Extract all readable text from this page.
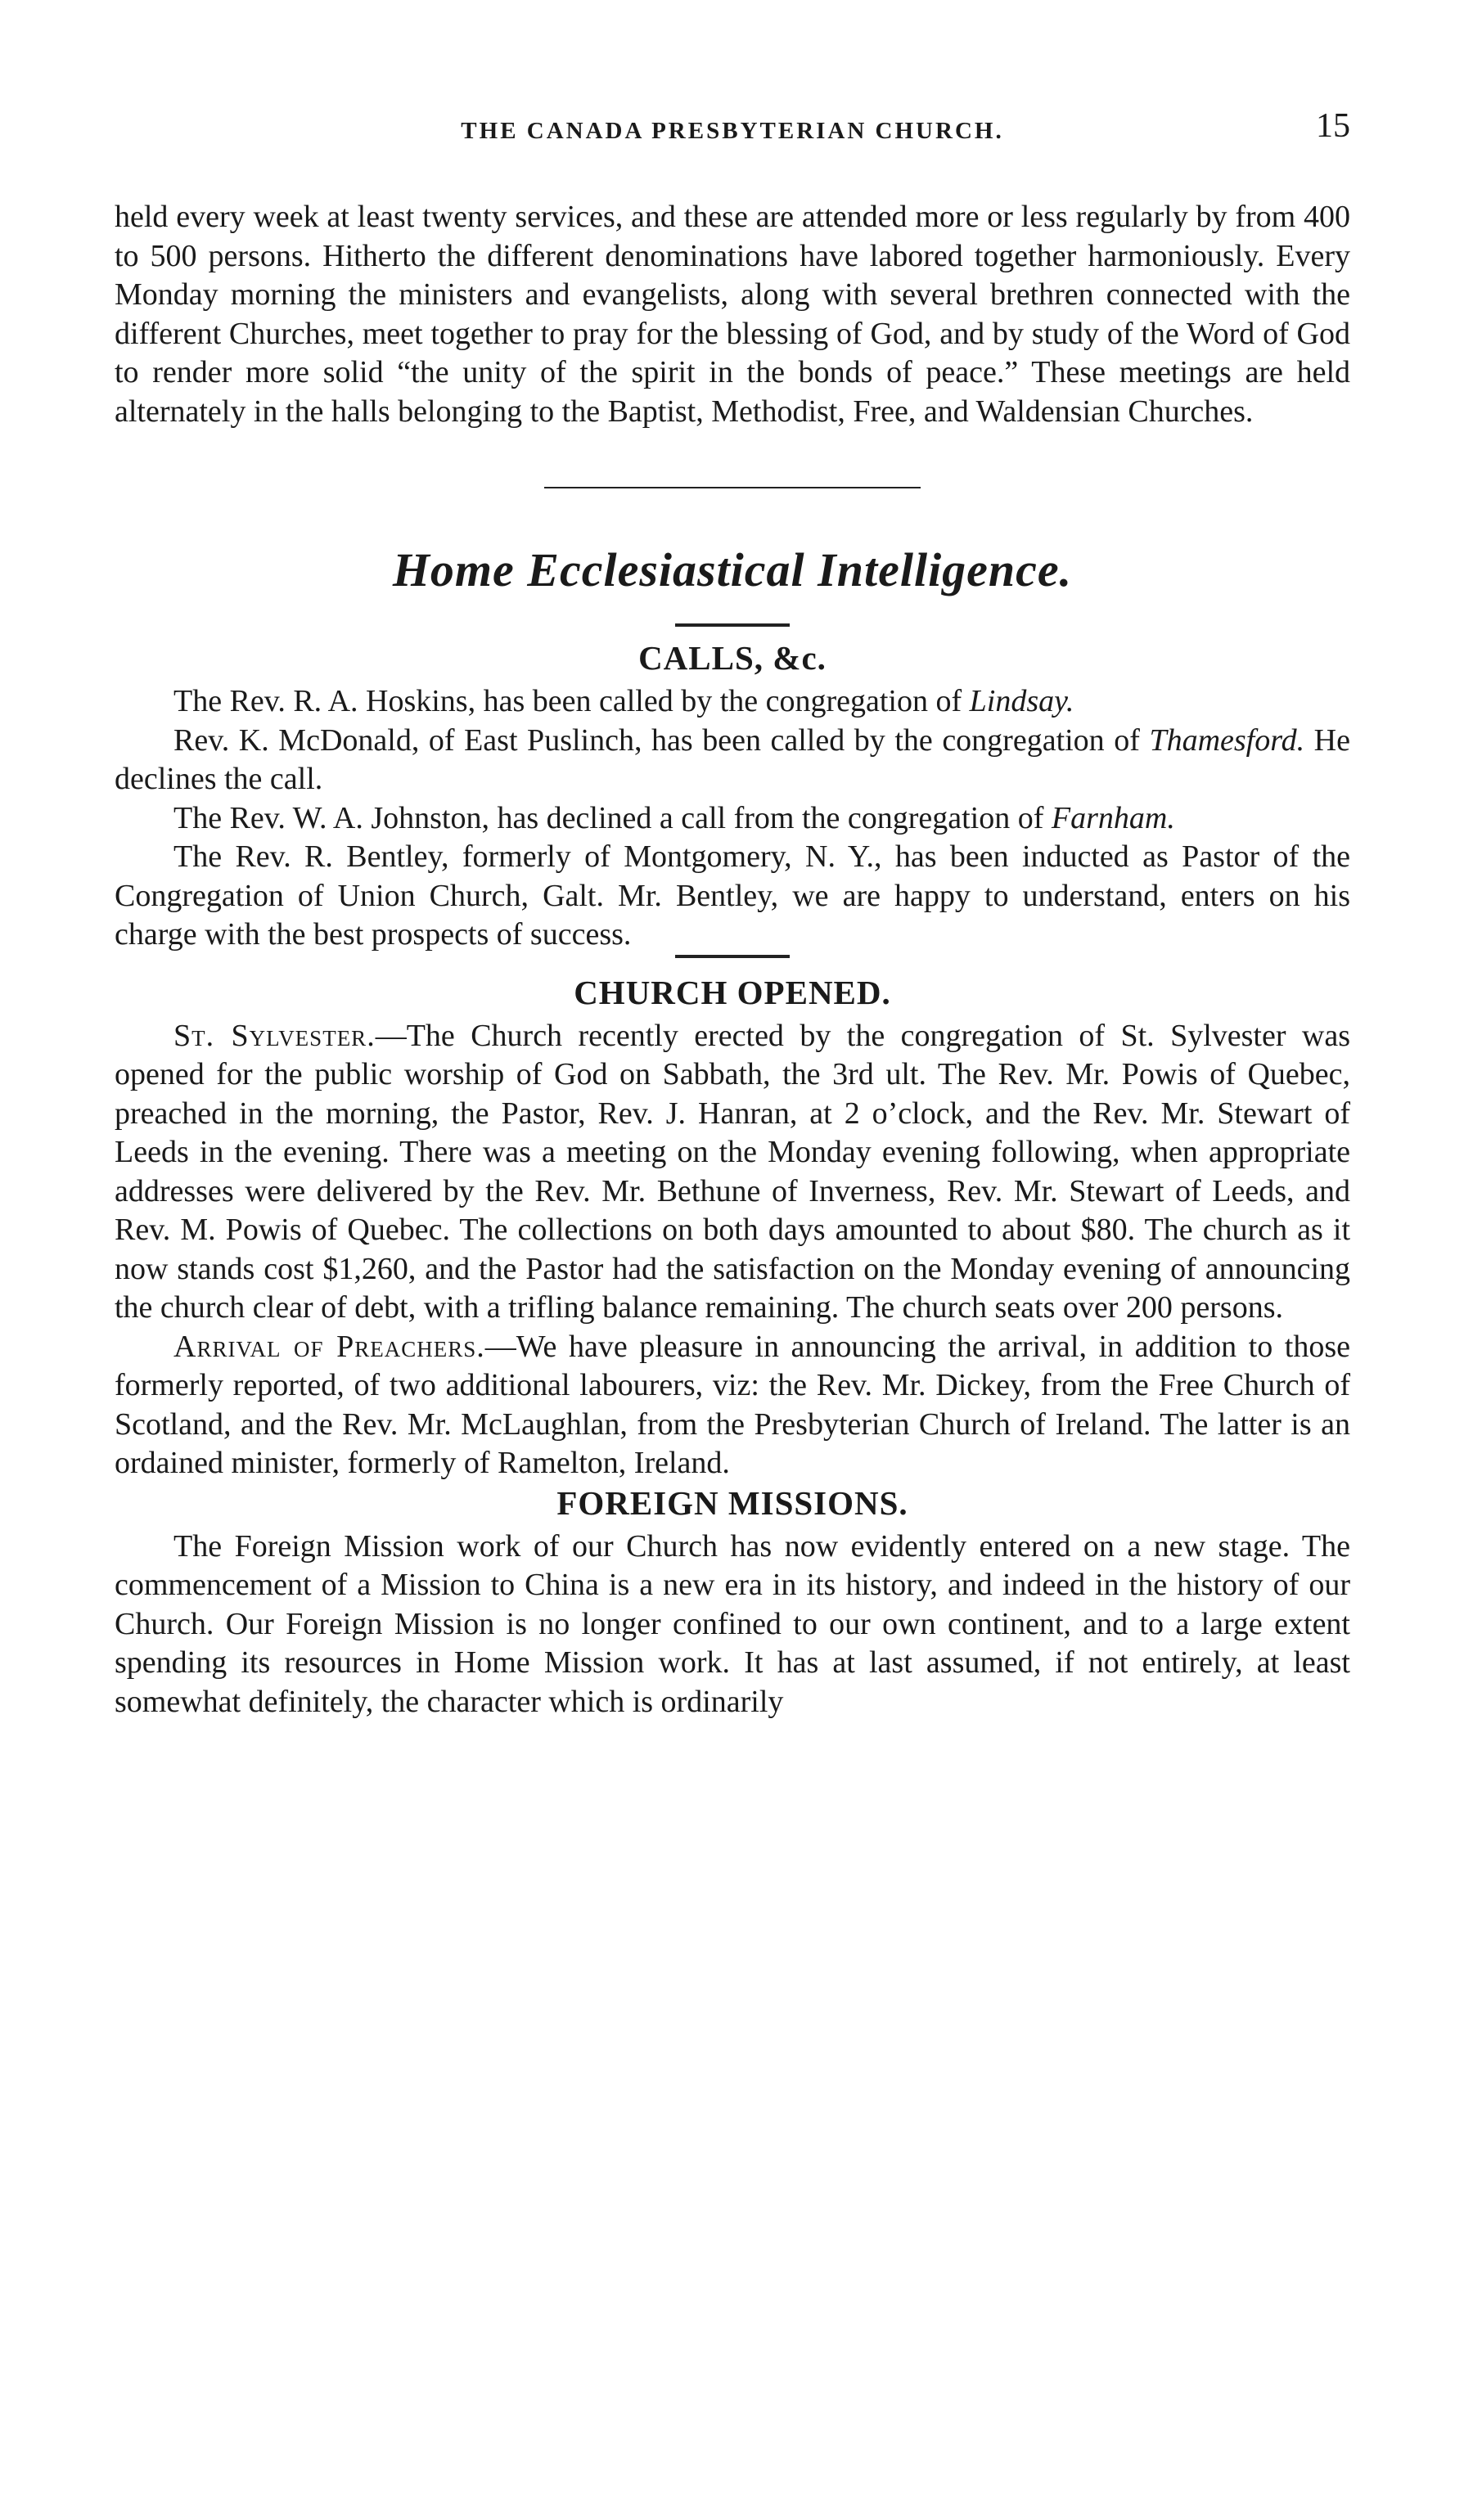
THE CANADA PRESBYTERIAN CHURCH.	15

held every week at least twenty services, and these are attended more or less regularly by from 400 to 500 persons. Hitherto the different denominations have labored together harmoniously. Every Monday morning the ministers and evangelists, along with several brethren connected with the different Churches, meet together to pray for the blessing of God, and by study of the Word of God to render more solid “the unity of the spirit in the bonds of peace.” These meetings are held alternately in the halls belonging to the Baptist, Methodist, Free, and Waldensian Churches.

Home Ecclesiastical Intelligence.
CALLS, &c.

The Rev. R. A. Hoskins, has been called by the congregation of Lindsay.

Rev. K. McDonald, of East Puslinch, has been called by the congregation of Thamesford. He declines the call.

The Rev. W. A. Johnston, has declined a call from the congregation of Farnham.

The Rev. R. Bentley, formerly of Montgomery, N. Y., has been inducted as Pastor of the Congregation of Union Church, Galt. Mr. Bentley, we are happy to understand, enters on his charge with the best prospects of success.

CHURCH OPENED.

St. Sylvester.—The Church recently erected by the congregation of St. Sylvester was opened for the public worship of God on Sabbath, the 3rd ult. The Rev. Mr. Powis of Quebec, preached in the morning, the Pastor, Rev. J. Hanran, at 2 o’clock, and the Rev. Mr. Stewart of Leeds in the evening. There was a meeting on the Monday evening following, when appropriate addresses were delivered by the Rev. Mr. Bethune of Inverness, Rev. Mr. Stewart of Leeds, and Rev. M. Powis of Quebec. The collections on both days amounted to about $80. The church as it now stands cost $1,260, and the Pastor had the satisfaction on the Monday evening of announcing the church clear of debt, with a trifling balance remaining. The church seats over 200 persons.

Arrival of Preachers.—We have pleasure in announcing the arrival, in addition to those formerly reported, of two additional labourers, viz: the Rev. Mr. Dickey, from the Free Church of Scotland, and the Rev. Mr. McLaughlan, from the Presbyterian Church of Ireland. The latter is an ordained minister, formerly of Ramelton, Ireland.

FOREIGN MISSIONS.

The Foreign Mission work of our Church has now evidently entered on a new stage. The commencement of a Mission to China is a new era in its history, and indeed in the history of our Church. Our Foreign Mission is no longer confined to our own continent, and to a large extent spending its resources in Home Mission work. It has at last assumed, if not entirely, at least somewhat definitely, the character which is ordinarily
